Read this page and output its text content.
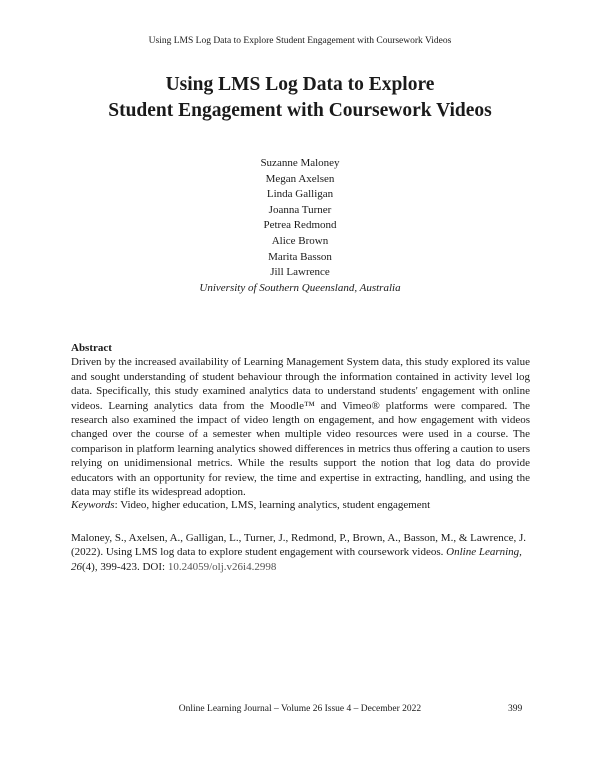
Using LMS Log Data to Explore Student Engagement with Coursework Videos
Using LMS Log Data to Explore
Student Engagement with Coursework Videos
Suzanne Maloney
Megan Axelsen
Linda Galligan
Joanna Turner
Petrea Redmond
Alice Brown
Marita Basson
Jill Lawrence
University of Southern Queensland, Australia
Abstract
Driven by the increased availability of Learning Management System data, this study explored its value and sought understanding of student behaviour through the information contained in activity level log data. Specifically, this study examined analytics data to understand students' engagement with online videos. Learning analytics data from the Moodle™ and Vimeo® platforms were compared. The research also examined the impact of video length on engagement, and how engagement with videos changed over the course of a semester when multiple video resources were used in a course. The comparison in platform learning analytics showed differences in metrics thus offering a caution to users relying on unidimensional metrics. While the results support the notion that log data do provide educators with an opportunity for review, the time and expertise in extracting, handling, and using the data may stifle its widespread adoption.
Keywords: Video, higher education, LMS, learning analytics, student engagement
Maloney, S., Axelsen, A., Galligan, L., Turner, J., Redmond, P., Brown, A., Basson, M., & Lawrence, J. (2022). Using LMS log data to explore student engagement with coursework videos. Online Learning, 26(4), 399-423. DOI: 10.24059/olj.v26i4.2998
Online Learning Journal – Volume 26 Issue 4 – December 2022	399
